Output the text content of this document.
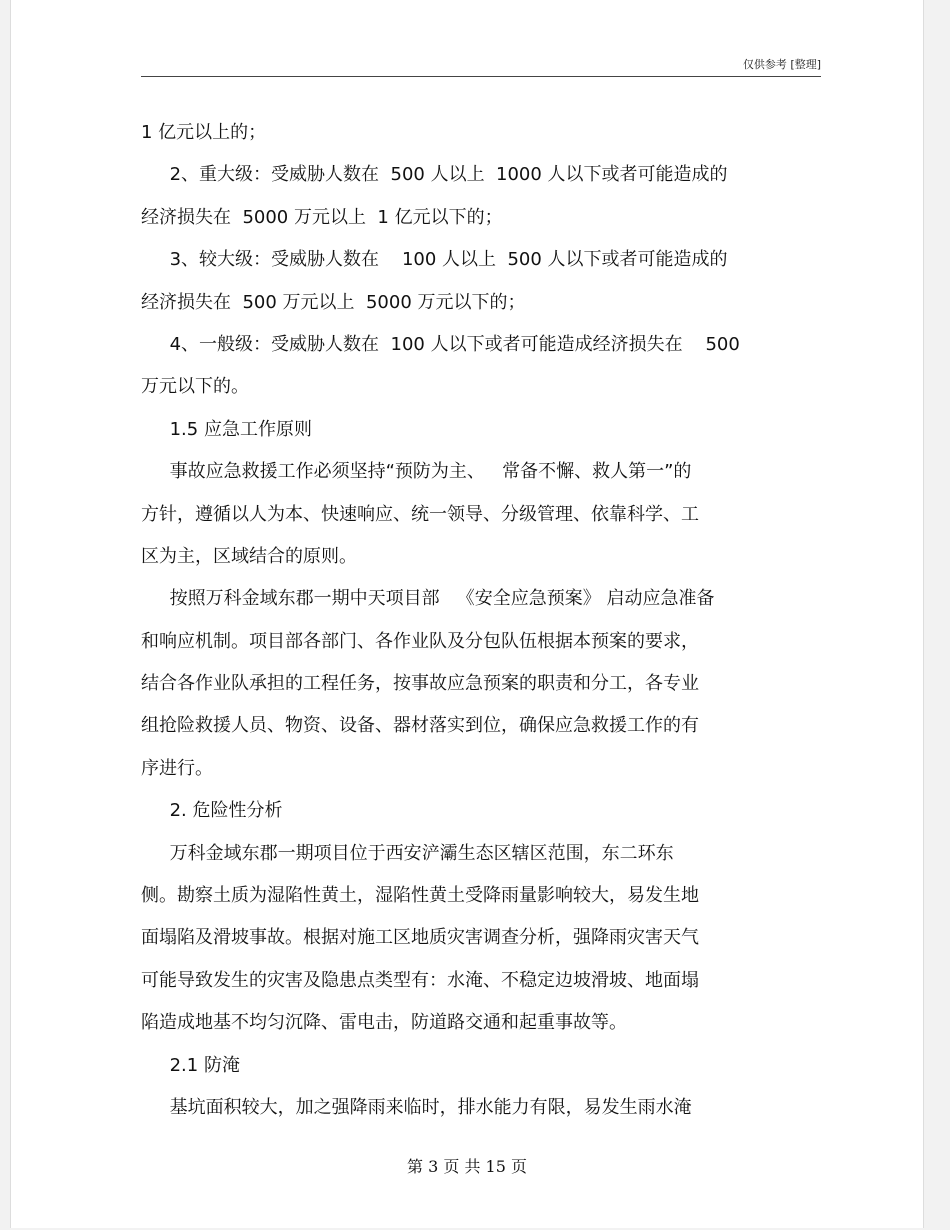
仅供参考 [整理]
1 亿元以上的；
2、重大级：受威胁人数在  500 人以上  1000 人以下或者可能造成的
经济损失在  5000 万元以上  1 亿元以下的；
3、较大级：受威胁人数在    100 人以上  500 人以下或者可能造成的
经济损失在  500 万元以上  5000 万元以下的；
4、一般级：受威胁人数在  100 人以下或者可能造成经济损失在    500
万元以下的。
1.5 应急工作原则
事故应急救援工作必须坚持“预防为主、   常备不懈、救人第一”的
方针，遵循以人为本、快速响应、统一领导、分级管理、依靠科学、工
区为主，区域结合的原则。
按照万科金域东郡一期中天项目部   《安全应急预案》 启动应急准备
和响应机制。项目部各部门、各作业队及分包队伍根据本预案的要求，
结合各作业队承担的工程任务，按事故应急预案的职责和分工，各专业
组抢险救援人员、物资、设备、器材落实到位，确保应急救援工作的有
序进行。
2. 危险性分析
万科金域东郡一期项目位于西安浐灞生态区辖区范围，东二环东
侧。勘察土质为湿陷性黄土，湿陷性黄土受降雨量影响较大，易发生地
面塌陷及滑坡事故。根据对施工区地质灾害调查分析，强降雨灾害天气
可能导致发生的灾害及隐患点类型有：水淹、不稳定边坡滑坡、地面塌
陷造成地基不均匀沉降、雷电击，防道路交通和起重事故等。
2.1 防淹
基坑面积较大，加之强降雨来临时，排水能力有限，易发生雨水淹
第 3 页 共 15 页
